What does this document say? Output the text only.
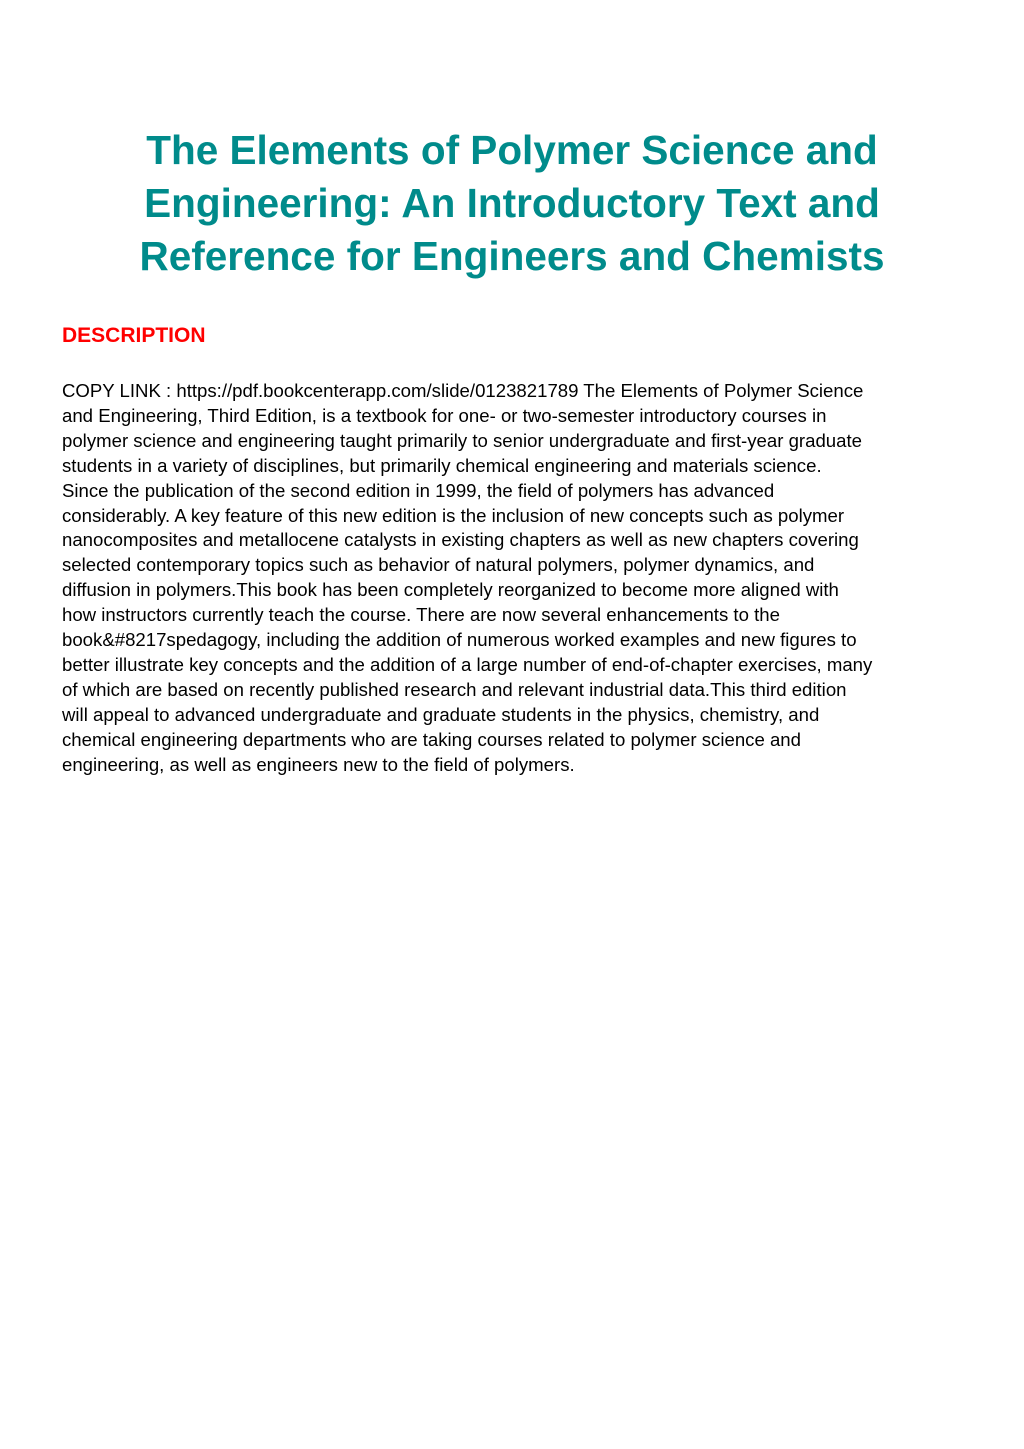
The Elements of Polymer Science and
Engineering: An Introductory Text and
Reference for Engineers and Chemists
DESCRIPTION
COPY LINK : https://pdf.bookcenterapp.com/slide/0123821789 The Elements of Polymer Science
and Engineering, Third Edition, is a textbook for one- or two-semester introductory courses in
polymer science and engineering taught primarily to senior undergraduate and first-year graduate
students in a variety of disciplines, but primarily chemical engineering and materials science.
Since the publication of the second edition in 1999, the field of polymers has advanced
considerably. A key feature of this new edition is the inclusion of new concepts such as polymer
nanocomposites and metallocene catalysts in existing chapters as well as new chapters covering
selected contemporary topics such as behavior of natural polymers, polymer dynamics, and
diffusion in polymers.This book has been completely reorganized to become more aligned with
how instructors currently teach the course. There are now several enhancements to the
book&#8217spedagogy, including the addition of numerous worked examples and new figures to
better illustrate key concepts and the addition of a large number of end-of-chapter exercises, many
of which are based on recently published research and relevant industrial data.This third edition
will appeal to advanced undergraduate and graduate students in the physics, chemistry, and
chemical engineering departments who are taking courses related to polymer science and
engineering, as well as engineers new to the field of polymers.
